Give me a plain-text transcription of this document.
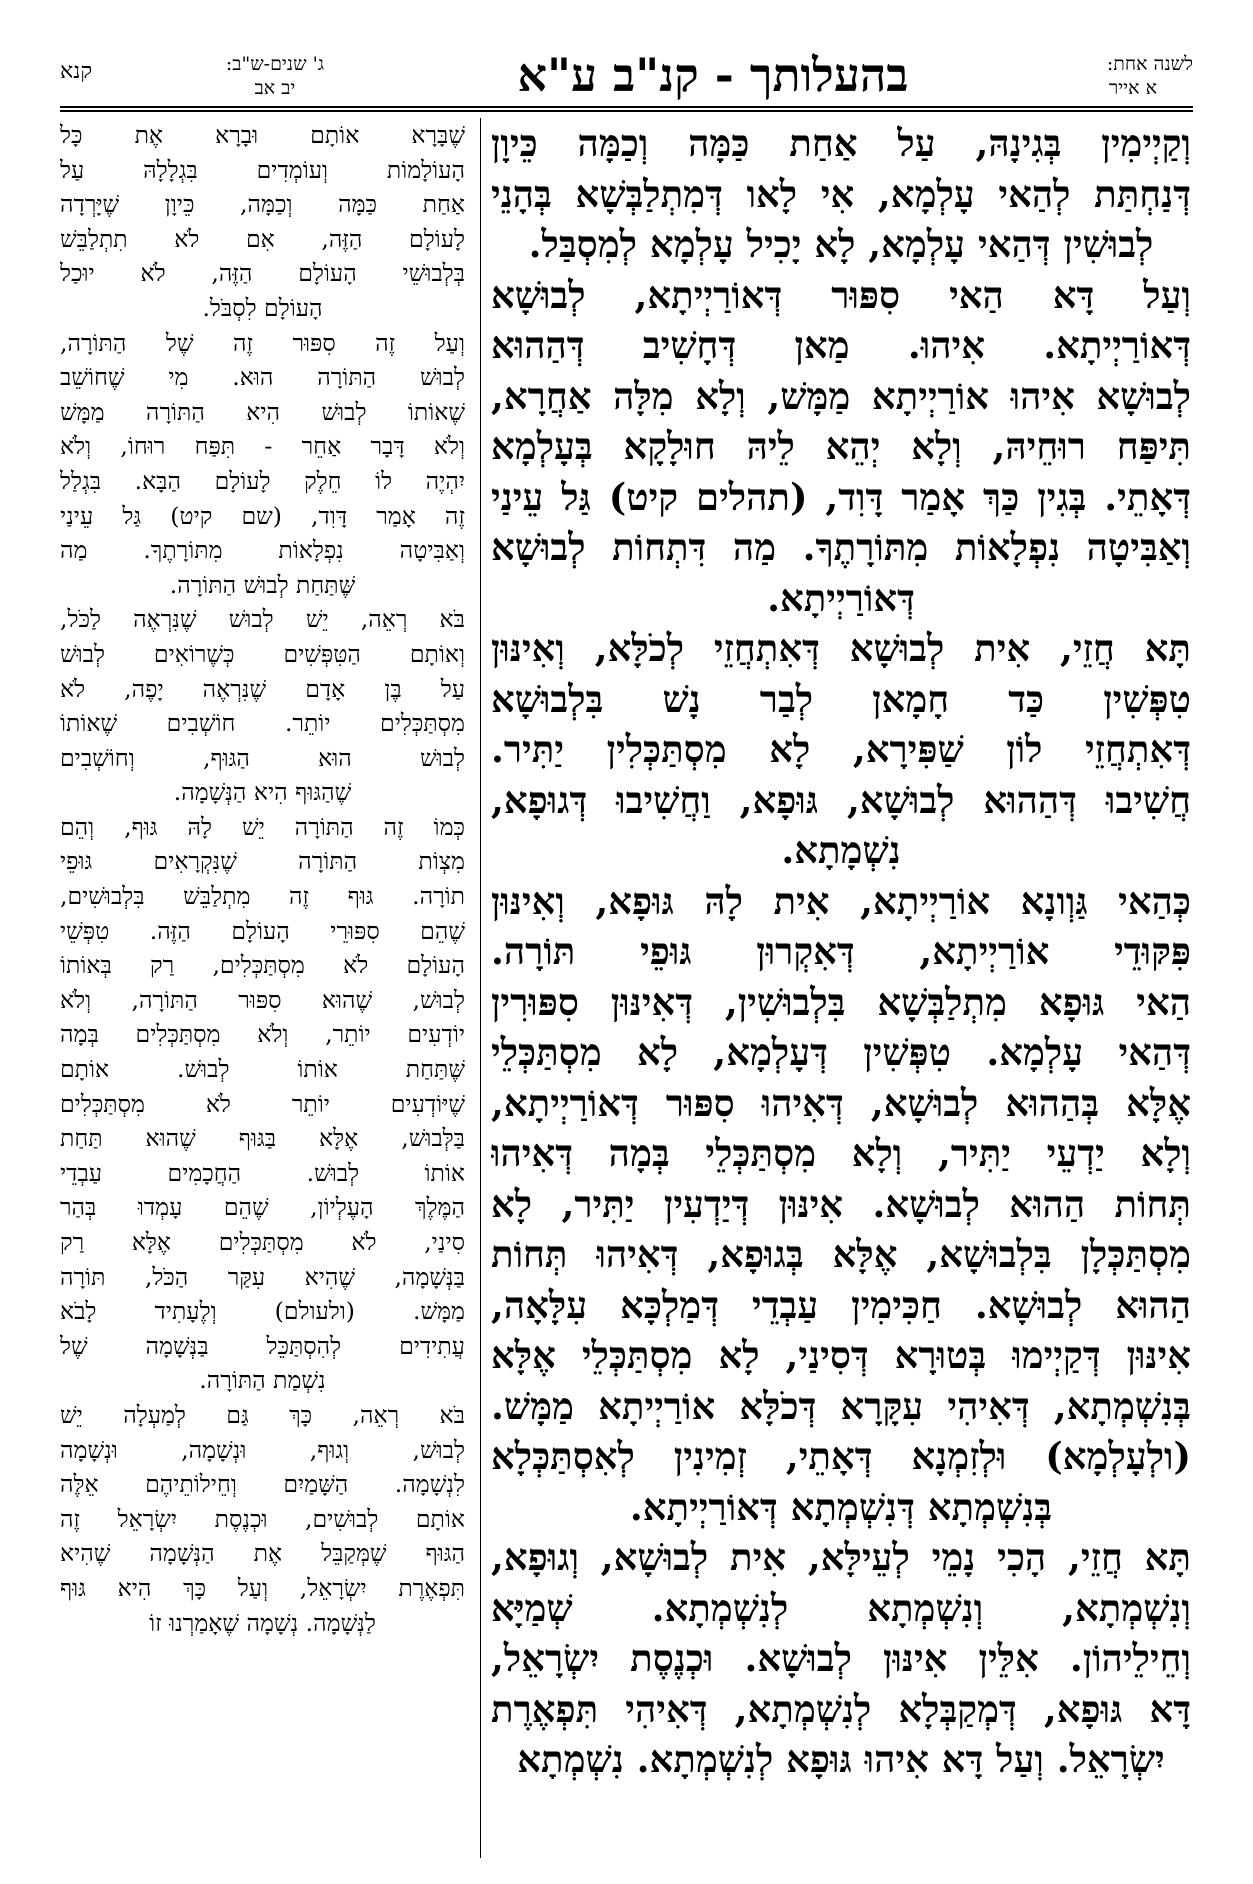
לשנה אחת:
א אייר
בהעלותך - קנ"ב ע"א
ג' שנים-ש"ב:
יב אב
קנא

וְקַיְימִין בְּגִינָהּ, עַל אַחַת כַּמָּה וְכַמָּה כֵּיוָן

דְּנַחְתַּת לְהַאי עָלְמָא, אִי לָאו דְּמִתְלַבְּשָׁא בְּהָנֵי

לְבוּשִׁין דְּהַאי עָלְמָא, לָא יָכִיל עָלְמָא לְמִסְבַּל.

וְעַל דָּא הַאי סִפּוּר דְּאוֹרַיְיתָא, לְבוּשָׁא

דְּאוֹרַיְיתָא. אִיהוּ. מַאן דְּחָשִׁיב דְּהַהוּא

לְבוּשָׁא אִיהוּ אוֹרַיְיתָא מַמָּשׁ, וְלָא מִלָּה אַחֲרָא,

תִּיפַּח רוּחֵיהּ, וְלָא יְהֵא לֵיהּ חוּלָקָא בְּעָלְמָא

דְּאָתֵי. בְּגִין כַּךְ אָמַר דָּוִד, (תהלים קיט) גַּל עֵינַי

וְאַבִּיטָה נִפְלָאוֹת מִתּוֹרָתֶךָ. מַה דִּתְחוֹת לְבוּשָׁא

דְּאוֹרַיְיתָא.

תָּא חֲזֵי, אִית לְבוּשָׁא דְּאִתְחֲזֵי לְכֹלָּא, וְאִינּוּן

טִפְּשִׁין כַּד חָמָאן לְבַר נָשׁ בִּלְבוּשָׁא

דְּאִתְחֲזֵי לוֹן שַׁפִּירָא, לָא מִסְתַּכְּלִין יַתִּיר.

חֲשִׁיבוּ דְּהַהוּא לְבוּשָׁא, גּוּפָא, וַחֲשִׁיבוּ דְּגוּפָא,

נִשְׁמָתָא.

כְּהַאי גַּוְונָא אוֹרַיְיתָא, אִית לָהּ גּוּפָא, וְאִינּוּן

פִּקּוּדֵי אוֹרַיְיתָא, דְּאִקְרוּן גּוּפֵי תּוֹרָה.

הַאי גּוּפָא מִתְלַבְּשָׁא בִּלְבוּשִׁין, דְּאִינּוּן סִפּוּרִין

דְּהַאי עָלְמָא. טִפְּשִׁין דְּעָלְמָא, לָא מִסְתַּכְּלֵי

אֶלָּא בְּהַהוּא לְבוּשָׁא, דְּאִיהוּ סִפּוּר דְּאוֹרַיְיתָא,

וְלָא יַדְעֵי יַתִּיר, וְלָא מִסְתַּכְּלֵי בְּמָה דְּאִיהוּ

תְּחוֹת הַהוּא לְבוּשָׁא. אִינּוּן דְּיַדְעִין יַתִּיר, לָא

מִסְתַּכְּלָן בִּלְבוּשָׁא, אֶלָּא בְּגוּפָא, דְּאִיהוּ תְּחוֹת

הַהוּא לְבוּשָׁא. חַכִּימִין עַבְדֵי דְּמַלְכָּא עִלָּאָה,

אִינּוּן דְּקַיְימוּ בְּטוּרָא דְּסִינַי, לָא מִסְתַּכְּלֵי אֶלָּא

בְּנִשְׁמְתָא, דְּאִיהִי עִקָּרָא דְּכֹלָּא אוֹרַיְיתָא מַמָּשׁ.

(ולְעָלְמָא) וּלְזִמְנָא דְּאָתֵי, זְמִינִין לְאִסְתַּכְּלָא

בְּנִשְׁמְתָא דְּנִשְׁמְתָא דְּאוֹרַיְיתָא.

תָּא חֲזֵי, הָכִי נָמֵי לְעֵילָּא, אִית לְבוּשָׁא, וְגוּפָא,

וְנִשְׁמְתָא, וְנִשְׁמְתָא לְנִשְׁמְתָא. שְׁמַיָּא

וְחֵילֵיהוֹן. אִלֵּין אִינּוּן לְבוּשָׁא. וּכְנֶסֶת יִשְׂרָאֵל,

דָּא גּוּפָא, דְּמְקַבְּלָא לְנִשְׁמְתָא, דְּאִיהִי תִּפְאֶרֶת

יִשְׂרָאֵל. וְעַל דָּא אִיהוּ גּוּפָא לְנִשְׁמְתָא. נִשְׁמְתָא

שֶׁבָּרָא אוֹתָם וּבָרָא אֶת כָּל

הָעוֹלָמוֹת וְעוֹמְדִים בִּגְלָלָהּ עַל

אַחַת כַּמָּה וְכַמָּה, כֵּיוָן שֶׁיָּרְדָה

לָעוֹלָם הַזֶּה, אִם לֹא תִתְלַבֵּשׁ

בְּלְבוּשֵׁי הָעוֹלָם הַזֶּה, לֹא יוּכַל

הָעוֹלָם לִסְבֹּל.

וְעַל זֶה סִפּוּר זֶה שֶׁל הַתּוֹרָה,

לְבוּשׁ הַתּוֹרָה הוּא. מִי שֶׁחוֹשֵׁב

שֶׁאוֹתוֹ לְבוּשׁ הִיא הַתּוֹרָה מַמָּשׁ

וְלֹא דָּבָר אַחֵר - תִּפַּח רוּחוֹ, וְלֹא

יִהְיֶה לוֹ חֵלֶק לָעוֹלָם הַבָּא. בִּגְלַל

זֶה אָמַר דָּוִד, (שם קיט) גַּל עֵינַי

וְאַבִּיטָה נִפְלָאוֹת מִתּוֹרָתֶךָ. מַה

שֶּׁתַּחַת לְבוּשׁ הַתּוֹרָה.

בֹּא רְאֵה, יֵשׁ לְבוּשׁ שֶׁנִּרְאֶה לַכֹּל,

וְאוֹתָם הַטִּפְּשִׁים כְּשֶׁרוֹאִים לְבוּשׁ

עַל בֶּן אָדָם שֶׁנִּרְאֶה יָפֶה, לֹא

מִסְתַּכְּלִים יוֹתֵר. חוֹשְׁבִים שֶׁאוֹתוֹ

לְבוּשׁ הוּא הַגּוּף, וְחוֹשְׁבִים

שֶׁהַגּוּף הִיא הַנְּשָׁמָה.

כְּמוֹ זֶה הַתּוֹרָה יֵשׁ לָהּ גּוּף, וְהֵם

מִצְוֹת הַתּוֹרָה שֶׁנִּקְרָאִים גּוּפֵי

תוֹרָה. גּוּף זֶה מִתְלַבֵּשׁ בִּלְבוּשִׁים,

שֶׁהֵם סִפּוּרֵי הָעוֹלָם הַזֶּה. טִפְּשֵׁי

הָעוֹלָם לֹא מִסְתַּכְּלִים, רַק בְּאוֹתוֹ

לְבוּשׁ, שֶׁהוּא סִפּוּר הַתּוֹרָה, וְלֹא

יוֹדְעִים יוֹתֵר, וְלֹא מִסְתַּכְּלִים בְּמָה

שֶּׁתַּחַת אוֹתוֹ לְבוּשׁ. אוֹתָם

שֶׁיּוֹדְעִים יוֹתֵר לֹא מִסְתַּכְּלִים

בַּלְּבוּשׁ, אֶלָּא בַּגּוּף שֶׁהוּא תַּחַת

אוֹתוֹ לְבוּשׁ. הַחֲכָמִים עַבְדֵי

הַמֶּלֶךְ הָעֶלְיוֹן, שֶׁהֵם עָמְדוּ בְּהַר

סִינַי, לֹא מִסְתַּכְּלִים אֶלָּא רַק

בַּנְּשָׁמָה, שֶׁהִיא עִקַּר הַכֹּל, תּוֹרָה

מַמָּשׁ. (ולעולם) וְלֶעָתִיד לָבֹא

עֲתִידִים לְהִסְתַּכֵּל בַּנְּשָׁמָה שֶׁל

נִשְׁמַת הַתּוֹרָה.

בֹּא רְאֵה, כָּךְ גַּם לְמַעְלָה יֵשׁ

לְבוּשׁ, וְגוּף, וּנְשָׁמָה, וּנְשָׁמָה

לִנְשָׁמָה. הַשָּׁמַיִם וְחֵילוֹתֵיהֶם אֵלֶּה

אוֹתָם לְבוּשִׁים, וּכְנֶסֶת יִשְׂרָאֵל זֶה

הַגּוּף שֶׁמְּקַבֵּל אֶת הַנְּשָׁמָה שֶׁהִיא

תִּפְאֶרֶת יִשְׂרָאֵל, וְעַל כָּךְ הִיא גּוּף

לַנְּשָׁמָה. נְשָׁמָה שֶׁאָמַרְנוּ זוֹ
